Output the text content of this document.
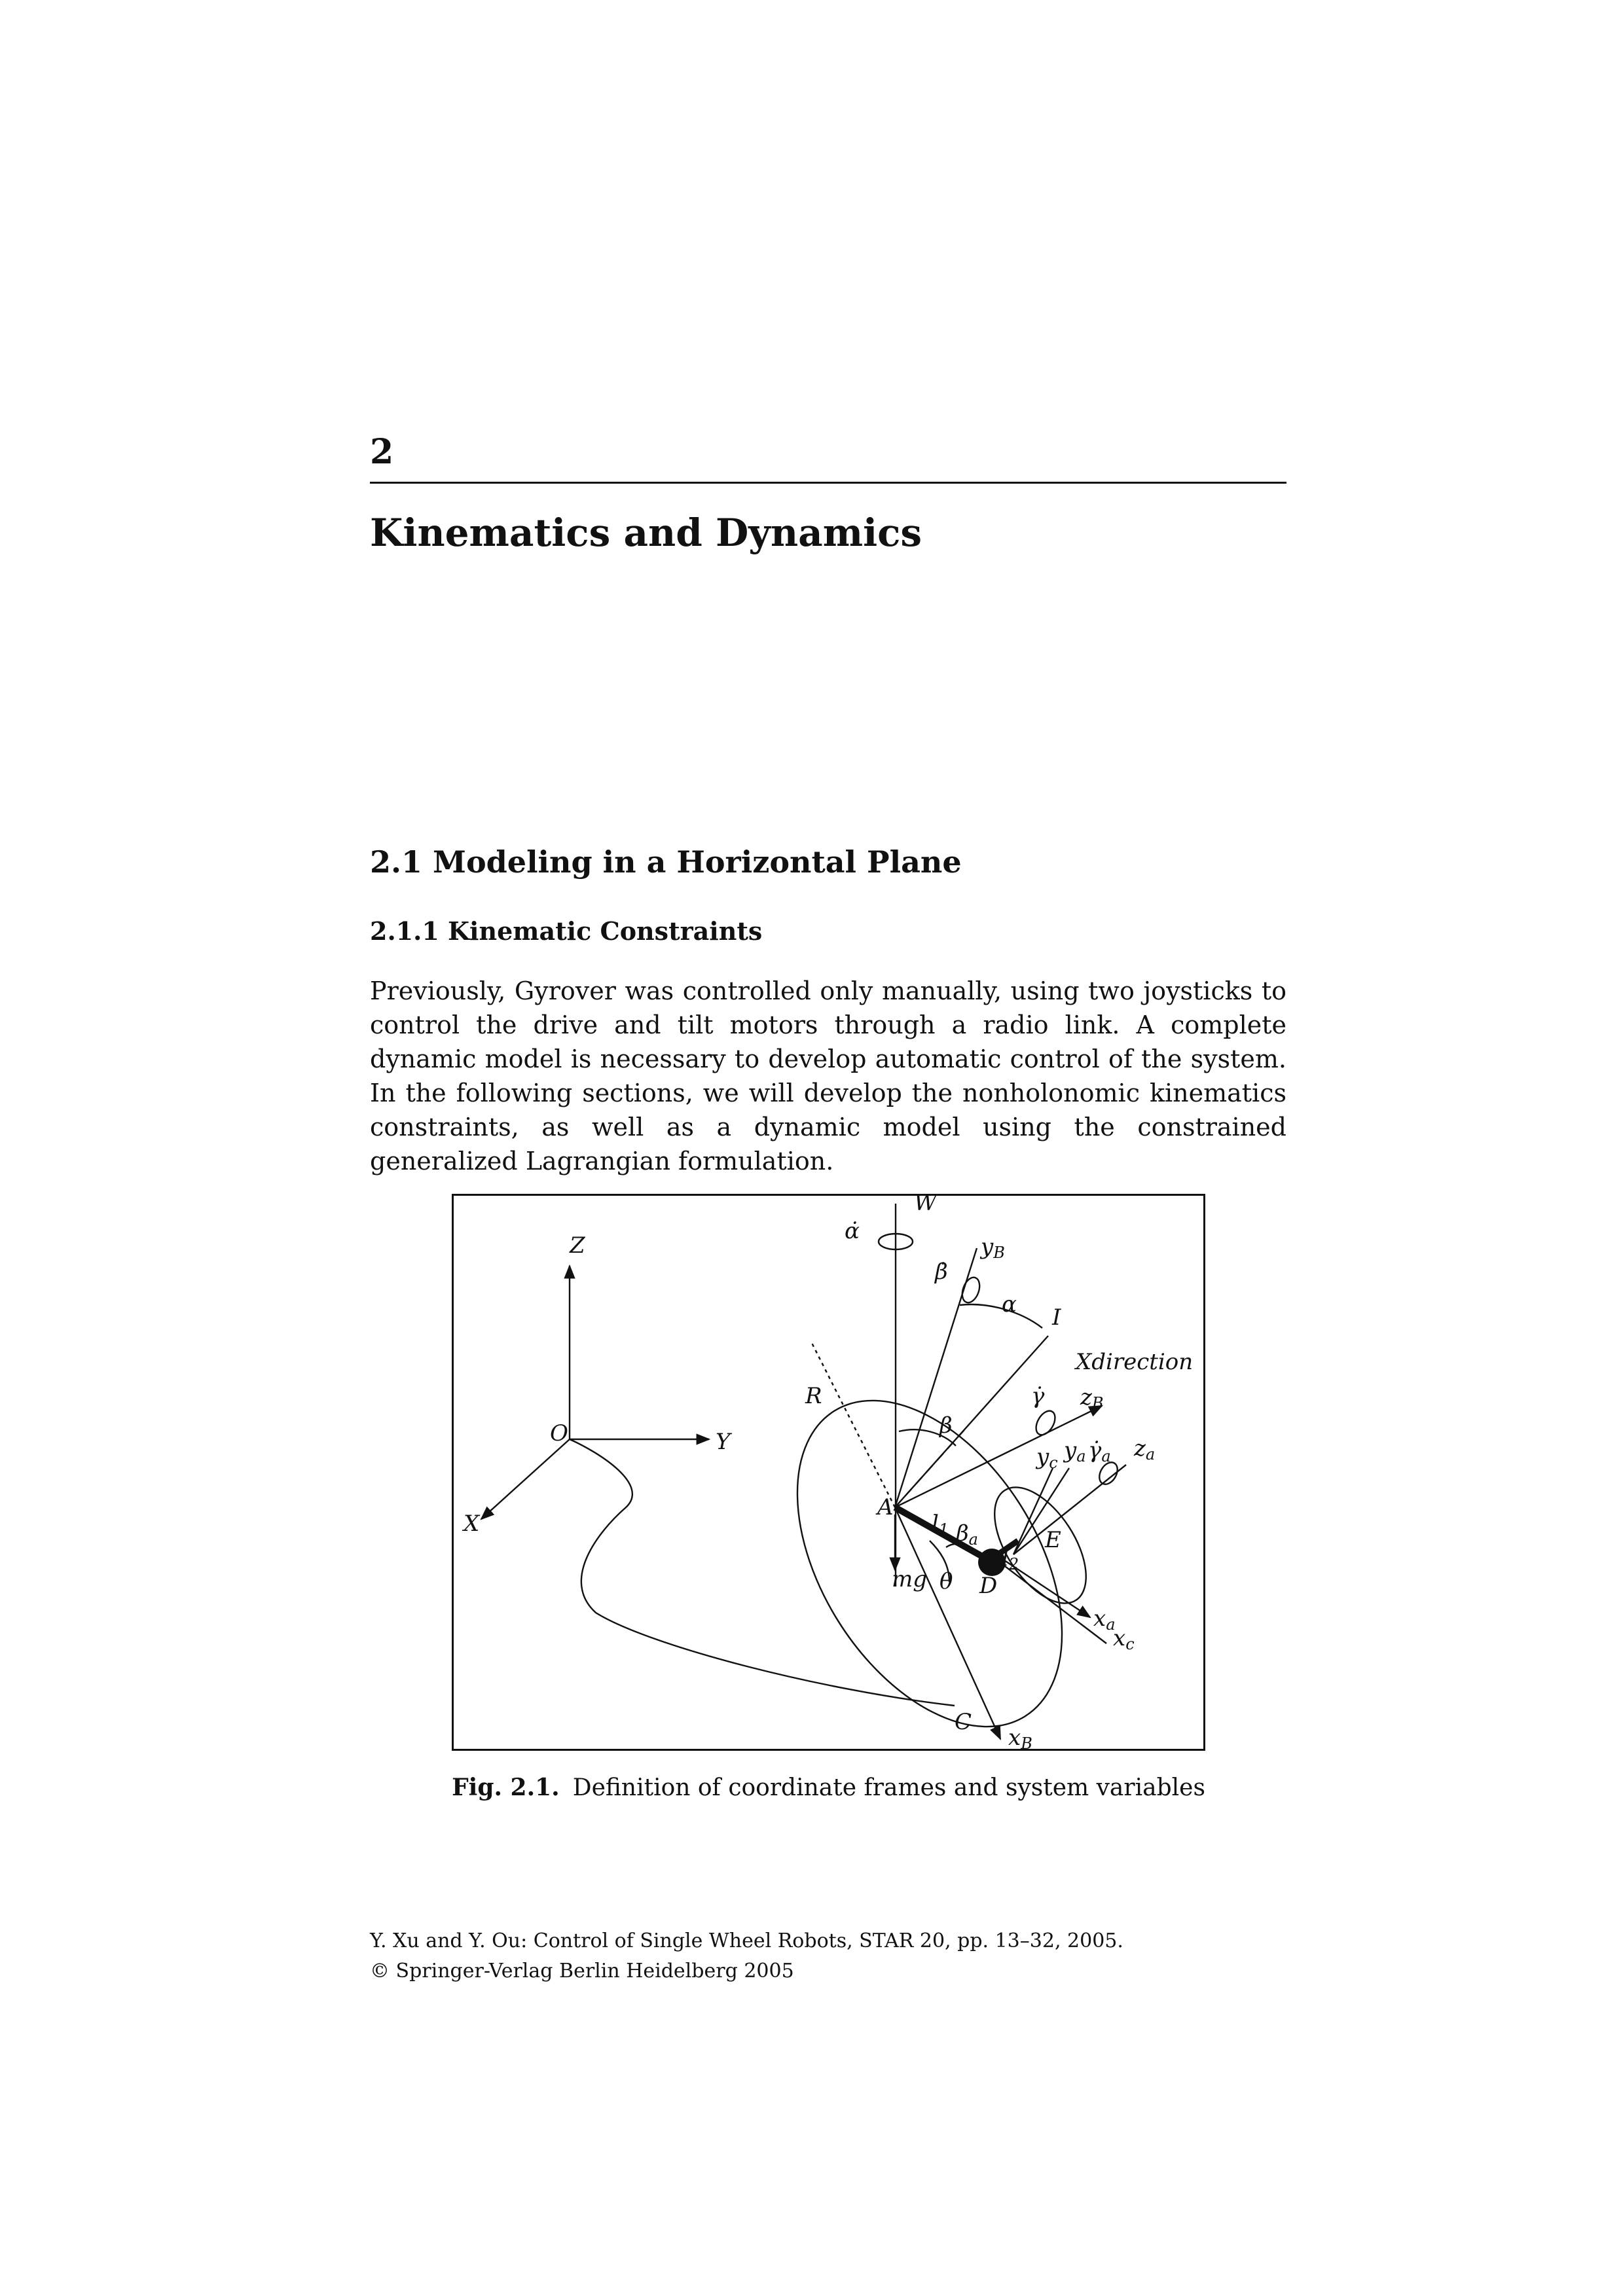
2
Kinematics and Dynamics
2.1 Modeling in a Horizontal Plane
2.1.1 Kinematic Constraints

Previously, Gyrover was controlled only manually, using two joysticks to control the drive and tilt motors through a radio link. A complete dynamic model is necessary to develop automatic control of the system. In the following sections, we will develop the nonholonomic kinematics constraints, as well as a dynamic model using the constrained generalized Lagrangian formulation.

Z
Y
X
O
W
α̇
β̇
yB
α I
Xdirection
R
β
γ̇ zB
yc ya γ̇a za
A
l1 βa	E
l2
mg θ D
xa
xc
C
xB
Fig. 2.1. Definition of coordinate frames and system variables
Y. Xu and Y. Ou: Control of Single Wheel Robots, STAR 20, pp. 13–32, 2005.
© Springer-Verlag Berlin Heidelberg 2005
